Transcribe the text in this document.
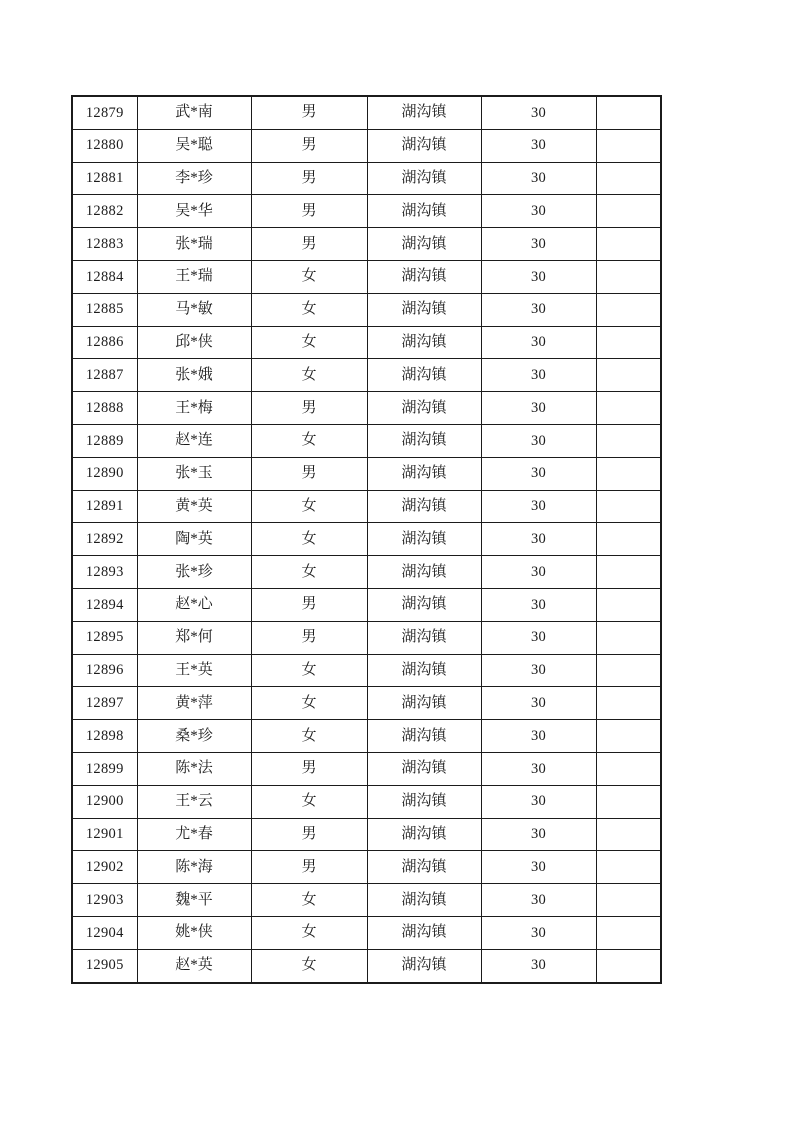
12879	武*南	男	湖沟镇	30	
12880	吴*聪	男	湖沟镇	30	
12881	李*珍	男	湖沟镇	30	
12882	吴*华	男	湖沟镇	30	
12883	张*瑞	男	湖沟镇	30	
12884	王*瑞	女	湖沟镇	30	
12885	马*敏	女	湖沟镇	30	
12886	邱*侠	女	湖沟镇	30	
12887	张*娥	女	湖沟镇	30	
12888	王*梅	男	湖沟镇	30	
12889	赵*连	女	湖沟镇	30	
12890	张*玉	男	湖沟镇	30	
12891	黄*英	女	湖沟镇	30	
12892	陶*英	女	湖沟镇	30	
12893	张*珍	女	湖沟镇	30	
12894	赵*心	男	湖沟镇	30	
12895	郑*何	男	湖沟镇	30	
12896	王*英	女	湖沟镇	30	
12897	黄*萍	女	湖沟镇	30	
12898	桑*珍	女	湖沟镇	30	
12899	陈*法	男	湖沟镇	30	
12900	王*云	女	湖沟镇	30	
12901	尤*春	男	湖沟镇	30	
12902	陈*海	男	湖沟镇	30	
12903	魏*平	女	湖沟镇	30	
12904	姚*侠	女	湖沟镇	30	
12905	赵*英	女	湖沟镇	30	
